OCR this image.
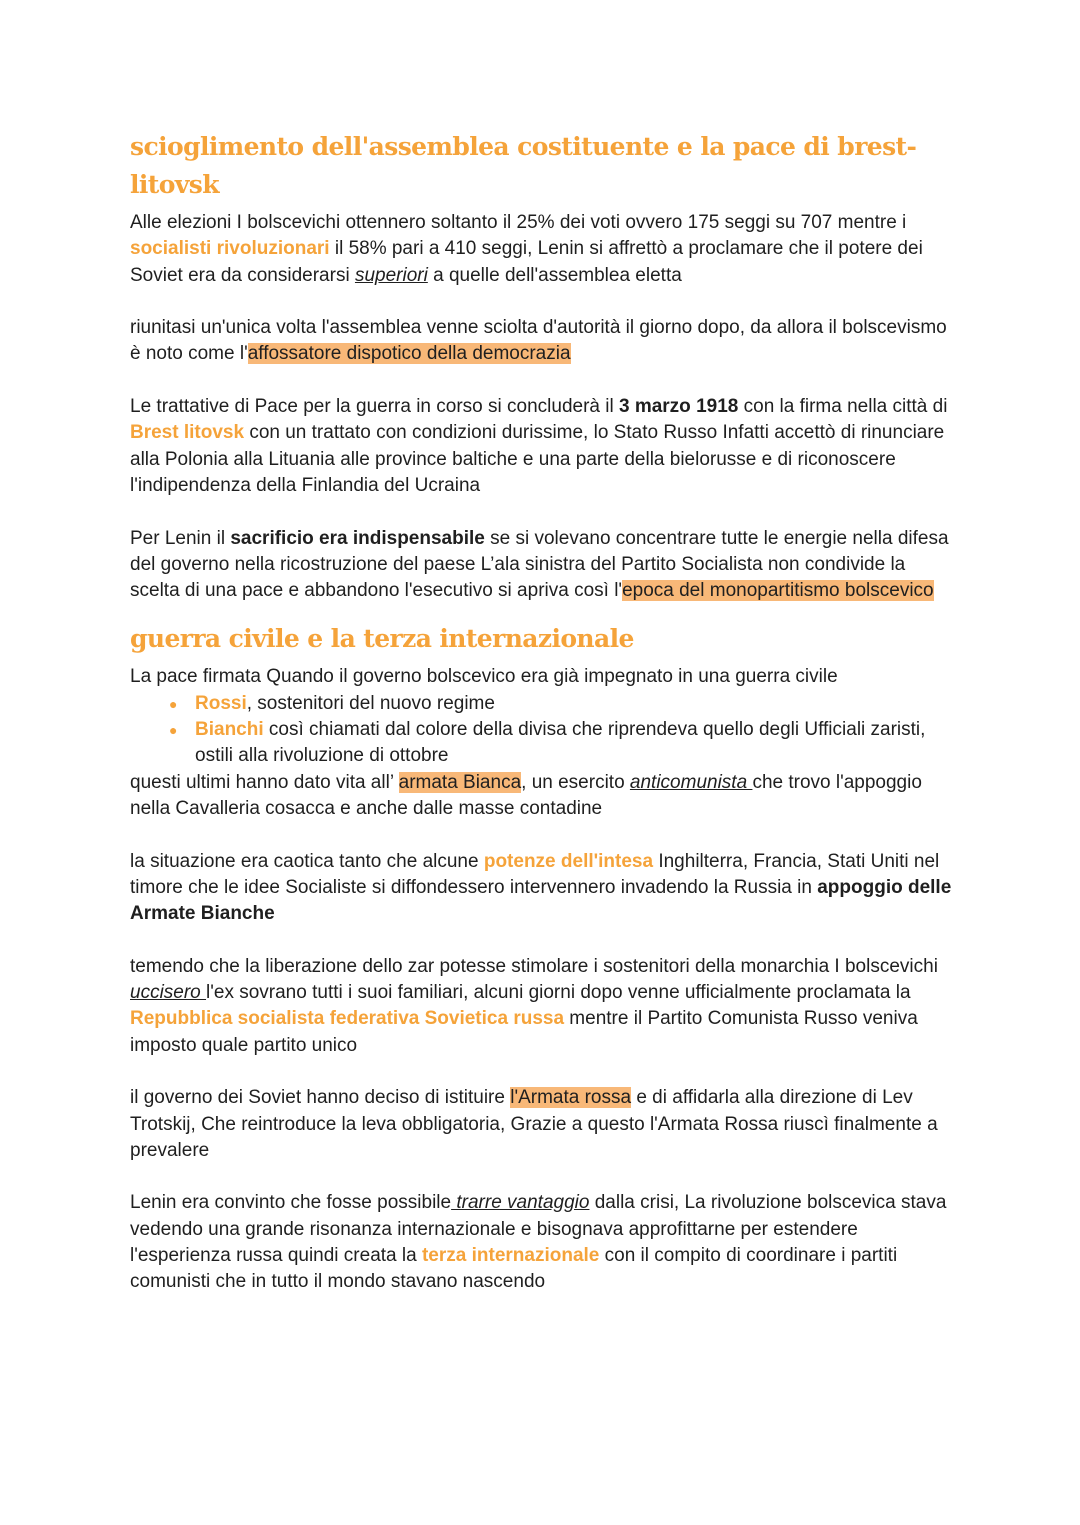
scioglimento dell'assemblea costituente e la pace di brest-litovsk

Alle elezioni I bolscevichi ottennero soltanto il 25% dei voti ovvero 175 seggi su 707 mentre i socialisti rivoluzionari il 58% pari a 410 seggi, Lenin si affrettò a proclamare che il potere dei Soviet era da considerarsi superiori a quelle dell'assemblea eletta

riunitasi un'unica volta l'assemblea venne sciolta d'autorità il giorno dopo, da allora il bolscevismo è noto come l'affossatore dispotico della democrazia

Le trattative di Pace per la guerra in corso si concluderà il 3 marzo 1918 con la firma nella città di Brest litovsk con un trattato con condizioni durissime, lo Stato Russo Infatti accettò di rinunciare alla Polonia alla Lituania alle province baltiche e una parte della bielorusse e di riconoscere l'indipendenza della Finlandia del Ucraina

Per Lenin il sacrificio era indispensabile se si volevano concentrare tutte le energie nella difesa del governo nella ricostruzione del paese L’ala sinistra del Partito Socialista non condivide la scelta di una pace e abbandono l'esecutivo si apriva così l'epoca del monopartitismo bolscevico

guerra civile e la terza internazionale

La pace firmata Quando il governo bolscevico era già impegnato in una guerra civile

● Rossi, sostenitori del nuovo regime
● Bianchi così chiamati dal colore della divisa che riprendeva quello degli Ufficiali zaristi, ostili alla rivoluzione di ottobre

questi ultimi hanno dato vita all’ armata Bianca, un esercito anticomunista che trovo l'appoggio nella Cavalleria cosacca e anche dalle masse contadine

la situazione era caotica tanto che alcune potenze dell'intesa Inghilterra, Francia, Stati Uniti nel timore che le idee Socialiste si diffondessero intervennero invadendo la Russia in appoggio delle Armate Bianche

temendo che la liberazione dello zar potesse stimolare i sostenitori della monarchia I bolscevichi uccisero l'ex sovrano tutti i suoi familiari, alcuni giorni dopo venne ufficialmente proclamata la Repubblica socialista federativa Sovietica russa mentre il Partito Comunista Russo veniva imposto quale partito unico

il governo dei Soviet hanno deciso di istituire l'Armata rossa e di affidarla alla direzione di Lev Trotskij, Che reintroduce la leva obbligatoria, Grazie a questo l'Armata Rossa riuscì finalmente a prevalere

Lenin era convinto che fosse possibile trarre vantaggio dalla crisi, La rivoluzione bolscevica stava vedendo una grande risonanza internazionale e bisognava approfittarne per estendere l'esperienza russa quindi creata la terza internazionale con il compito di coordinare i partiti comunisti che in tutto il mondo stavano nascendo
